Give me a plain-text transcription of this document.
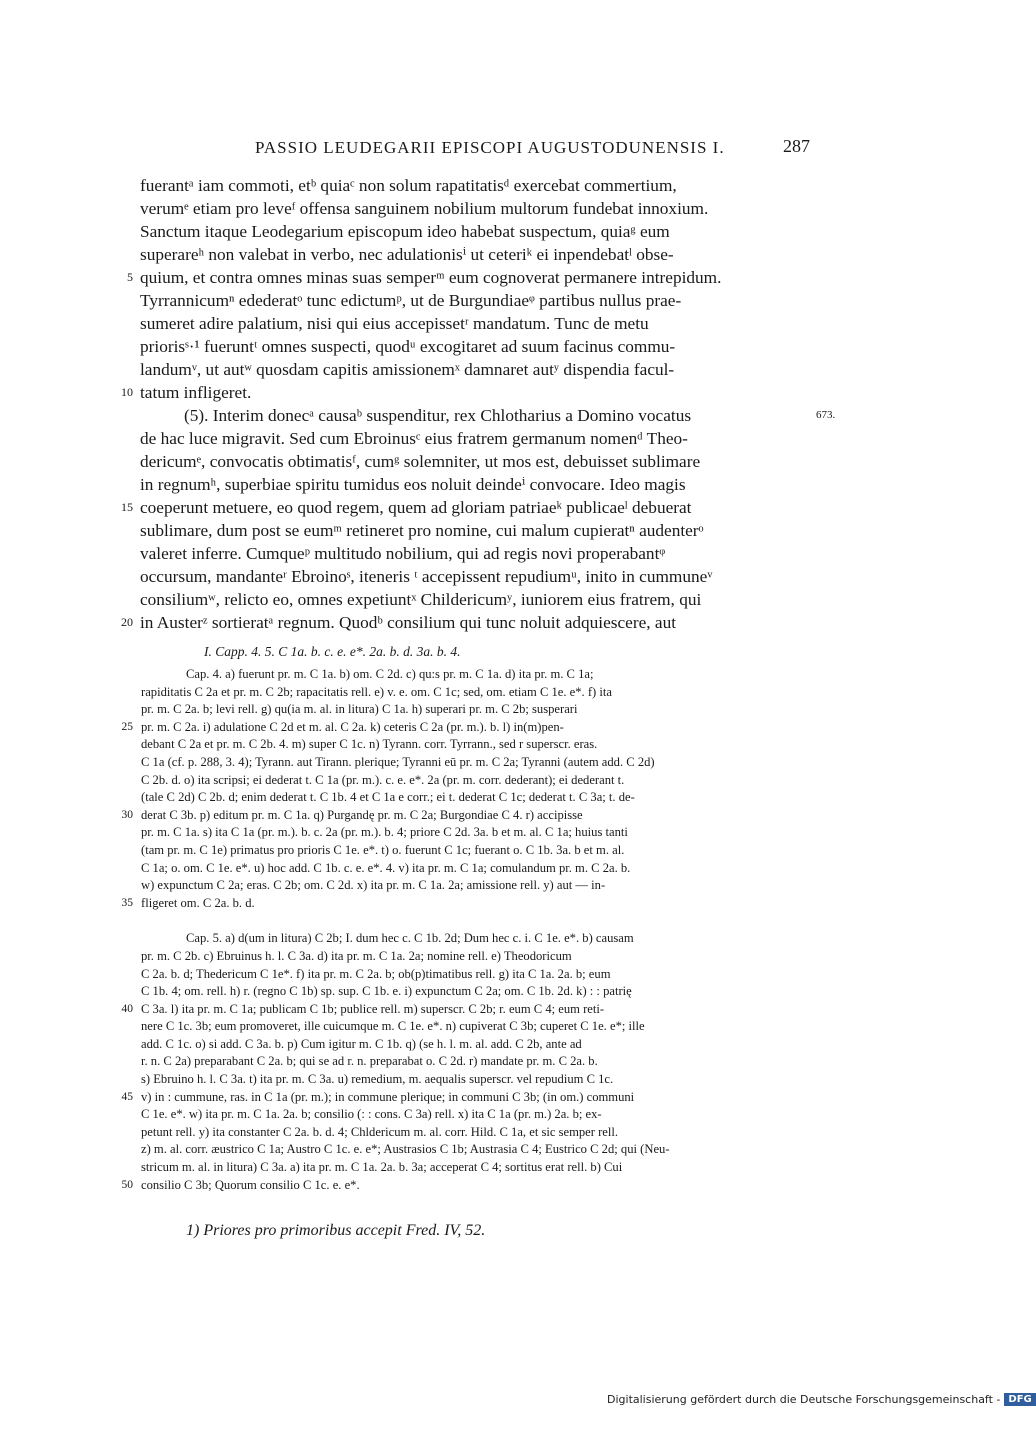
PASSIO LEUDEGARII EPISCOPI AUGUSTODUNENSIS I.	287
fuerantᵃ iam commoti, etᵇ quiaᶜ non solum rapatitatisᵈ exercebat commertium,
verumᵉ etiam pro leveᶠ offensa sanguinem nobilium multorum fundebat innoxium.
Sanctum itaque Leodegarium episcopum ideo habebat suspectum, quiaᵍ eum
superareʰ non valebat in verbo, nec adulationisⁱ ut ceteriᵏ ei inpendebatˡ obse-
5 quium, et contra omnes minas suas semperᵐ eum cognoverat permanere intrepidum.
Tyrrannicumⁿ edederatᵒ tunc edictumᵖ, ut de Burgundiaeᵠ partibus nullus prae-
sumeret adire palatium, nisi qui eius accepissetʳ mandatum. Tunc de metu
priorisˢ·¹ fueruntᵗ omnes suspecti, quodᵘ excogitaret ad suum facinus commu-
landumᵛ, ut autʷ quosdam capitis amissionemˣ damnaret autʸ dispendia facul-
10 tatum infligeret.
(5). Interim donecᵃ causaᵇ suspenditur, rex Chlotharius a Domino vocatus	673.
de hac luce migravit. Sed cum Ebroinusᶜ eius fratrem germanum nomenᵈ Theo-
dericumᵉ, convocatis obtimatisᶠ, cumᵍ solemniter, ut mos est, debuisset sublimare
in regnumʰ, superbiae spiritu tumidus eos noluit deindeⁱ convocare. Ideo magis
15 coeperunt metuere, eo quod regem, quem ad gloriam patriaeᵏ publicaeˡ debuerat
sublimare, dum post se eumᵐ retineret pro nomine, cui malum cupieratⁿ audenterᵒ
valeret inferre. Cumqueᵖ multitudo nobilium, qui ad regis novi properabantᵠ
occursum, mandanteʳ Ebroinoˢ, iteneris ᵗ accepissent repudiumᵘ, inito in cummuneᵛ
consiliumʷ, relicto eo, omnes expetiuntˣ Childericumʸ, iuniorem eius fratrem, qui
20 in Austerᶻ sortieratᵃ regnum. Quodᵇ consilium qui tunc noluit adquiescere, aut
I. Capp. 4. 5. C 1a. b. c. e. e*. 2a. b. d. 3a. b. 4.
Cap. 4. a) fuerunt pr. m. C 1a. b) om. C 2d. c) qu:s pr. m. C 1a. d) ita pr. m. C 1a;
rapiditatis C 2a et pr. m. C 2b; rapacitatis rell. e) v. e. om. C 1c; sed, om. etiam C 1e. e*. f) ita
pr. m. C 2a. b; levi rell. g) qu(ia m. al. in litura) C 1a. h) superari pr. m. C 2b; susperari
25 pr. m. C 2a. i) adulatione C 2d et m. al. C 2a. k) ceteris C 2a (pr. m.). b. l) in(m)pen-
debant C 2a et pr. m. C 2b. 4. m) super C 1c. n) Tyrann. corr. Tyrrann., sed r superscr. eras.
C 1a (cf. p. 288, 3. 4); Tyrann. aut Tirann. plerique; Tyranni eū pr. m. C 2a; Tyranni (autem add. C 2d)
C 2b. d. o) ita scripsi; ei dederat t. C 1a (pr. m.). c. e. e*. 2a (pr. m. corr. dederant); ei dederant t.
(tale C 2d) C 2b. d; enim dederat t. C 1b. 4 et C 1a e corr.; ei t. dederat C 1c; dederat t. C 3a; t. de-
30 derat C 3b. p) editum pr. m. C 1a. q) Purgandę pr. m. C 2a; Burgondiae C 4. r) accipisse
pr. m. C 1a. s) ita C 1a (pr. m.). b. c. 2a (pr. m.). b. 4; priore C 2d. 3a. b et m. al. C 1a; huius tanti
(tam pr. m. C 1e) primatus pro prioris C 1e. e*. t) o. fuerunt C 1c; fuerant o. C 1b. 3a. b et m. al.
C 1a; o. om. C 1e. e*. u) hoc add. C 1b. c. e. e*. 4. v) ita pr. m. C 1a; comulandum pr. m. C 2a. b.
w) expunctum C 2a; eras. C 2b; om. C 2d. x) ita pr. m. C 1a. 2a; amissione rell. y) aut — in-
35 fligeret om. C 2a. b. d.
Cap. 5. a) d(um in litura) C 2b; I. dum hec c. C 1b. 2d; Dum hec c. i. C 1e. e*. b) causam
pr. m. C 2b. c) Ebruinus h. l. C 3a. d) ita pr. m. C 1a. 2a; nomine rell. e) Theodoricum
C 2a. b. d; Thedericum C 1e*. f) ita pr. m. C 2a. b; ob(p)timatibus rell. g) ita C 1a. 2a. b; eum
C 1b. 4; om. rell. h) r. (regno C 1b) sp. sup. C 1b. e. i) expunctum C 2a; om. C 1b. 2d. k) : : patrię
40 C 3a. l) ita pr. m. C 1a; publicam C 1b; publice rell. m) superscr. C 2b; r. eum C 4; eum reti-
nere C 1c. 3b; eum promoveret, ille cuicumque m. C 1e. e*. n) cupiverat C 3b; cuperet C 1e. e*; ille
add. C 1c. o) si add. C 3a. b. p) Cum igitur m. C 1b. q) (se h. l. m. al. add. C 2b, ante ad
r. n. C 2a) preparabant C 2a. b; qui se ad r. n. preparabat o. C 2d. r) mandate pr. m. C 2a. b.
s) Ebruino h. l. C 3a. t) ita pr. m. C 3a. u) remedium, m. aequalis superscr. vel repudium C 1c.
45 v) in : cummune, ras. in C 1a (pr. m.); in commune plerique; in communi C 3b; (in om.) communi
C 1e. e*. w) ita pr. m. C 1a. 2a. b; consilio (: : cons. C 3a) rell. x) ita C 1a (pr. m.) 2a. b; ex-
petunt rell. y) ita constanter C 2a. b. d. 4; Chldericum m. al. corr. Hild. C 1a, et sic semper rell.
z) m. al. corr. æustrico C 1a; Austro C 1c. e. e*; Austrasios C 1b; Austrasia C 4; Eustrico C 2d; qui (Neu-
stricum m. al. in litura) C 3a. a) ita pr. m. C 1a. 2a. b. 3a; acceperat C 4; sortitus erat rell. b) Cui
50 consilio C 3b; Quorum consilio C 1c. e. e*.
1) Priores pro primoribus accepit Fred. IV, 52.
Digitalisierung gefördert durch die Deutsche Forschungsgemeinschaft - DFG
